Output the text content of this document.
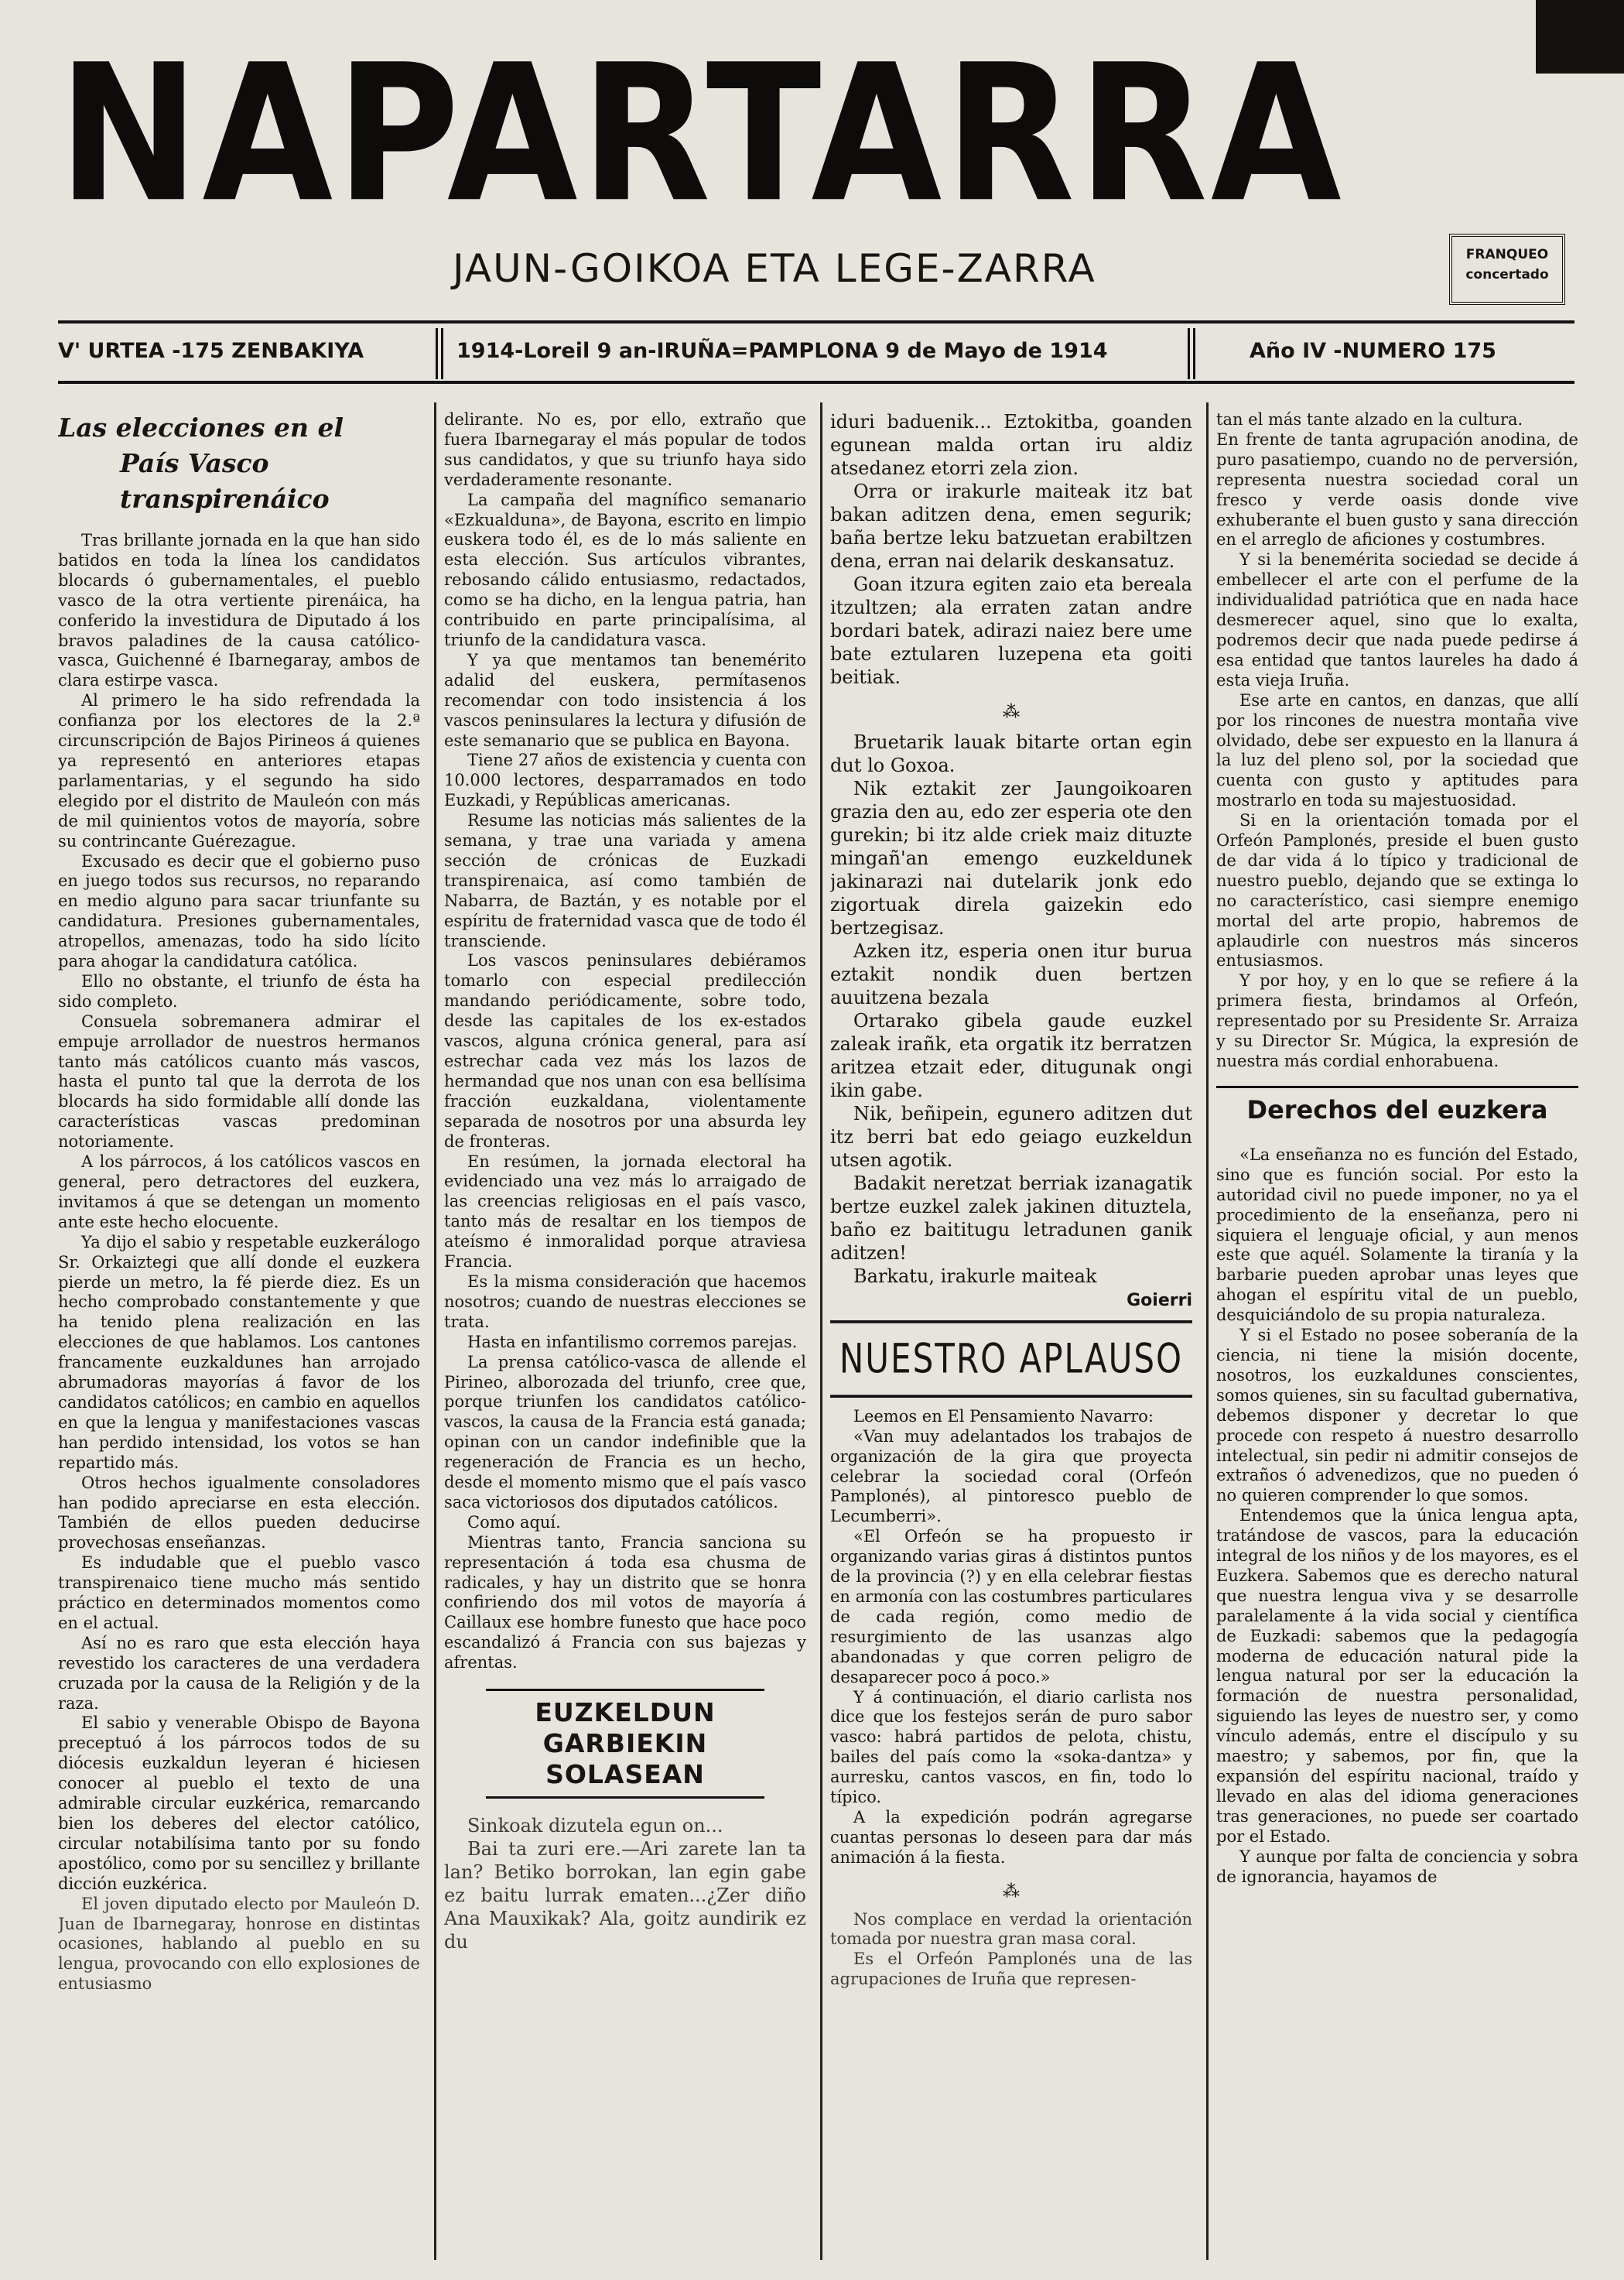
NAPARTARRA
JAUN-GOIKOA ETA LEGE-ZARRA	FRANQUEO
concertado
V' URTEA -175 ZENBAKIYA	1914-Loreil 9 an-IRUÑA=PAMPLONA 9 de Mayo de 1914	Año IV -NUMERO 175
Las elecciones en el
País Vasco transpirenáico

Tras brillante jornada en la que han sido batidos en toda la línea los candidatos blocards ó gubernamentales, el pueblo vasco de la otra vertiente pirenáica, ha conferido la investidura de Diputado á los bravos paladines de la causa católico-vasca, Guichenné é Ibarnegaray, ambos de clara estirpe vasca.

Al primero le ha sido refrendada la confianza por los electores de la 2.ª circunscripción de Bajos Pirineos á quienes ya representó en anteriores etapas parlamentarias, y el segundo ha sido elegido por el distrito de Mauleón con más de mil quinientos votos de mayoría, sobre su contrincante Guérezague.

Excusado es decir que el gobierno puso en juego todos sus recursos, no reparando en medio alguno para sacar triunfante su candidatura. Presiones gubernamentales, atropellos, amenazas, todo ha sido lícito para ahogar la candidatura católica.

Ello no obstante, el triunfo de ésta ha sido completo.

Consuela sobremanera admirar el empuje arrollador de nuestros hermanos tanto más católicos cuanto más vascos, hasta el punto tal que la derrota de los blocards ha sido formidable allí donde las características vascas predominan notoriamente.

A los párrocos, á los católicos vascos en general, pero detractores del euzkera, invitamos á que se detengan un momento ante este hecho elocuente.

Ya dijo el sabio y respetable euzkerálogo Sr. Orkaiztegi que allí donde el euzkera pierde un metro, la fé pierde diez. Es un hecho comprobado constantemente y que ha tenido plena realización en las elecciones de que hablamos. Los cantones francamente euzkaldunes han arrojado abrumadoras mayorías á favor de los candidatos católicos; en cambio en aquellos en que la lengua y manifestaciones vascas han perdido intensidad, los votos se han repartido más.

Otros hechos igualmente consoladores han podido apreciarse en esta elección. También de ellos pueden deducirse provechosas enseñanzas.

Es indudable que el pueblo vasco transpirenaico tiene mucho más sentido práctico en determinados momentos como en el actual.

Así no es raro que esta elección haya revestido los caracteres de una verdadera cruzada por la causa de la Religión y de la raza.

El sabio y venerable Obispo de Bayona preceptuó á los párrocos todos de su diócesis euzkaldun leyeran é hiciesen conocer al pueblo el texto de una admirable circular euzkérica, remarcando bien los deberes del elector católico, circular notabilísima tanto por su fondo apostólico, como por su sencillez y brillante dicción euzkérica.

El joven diputado electo por Mauleón D. Juan de Ibarnegaray, honrose en distintas ocasiones, hablando al pueblo en su lengua, provocando con ello explosiones de entusiasmo

delirante. No es, por ello, extraño que fuera Ibarnegaray el más popular de todos sus candidatos, y que su triunfo haya sido verdaderamente resonante.

La campaña del magnífico semanario «Ezkualduna», de Bayona, escrito en limpio euskera todo él, es de lo más saliente en esta elección. Sus artículos vibrantes, rebosando cálido entusiasmo, redactados, como se ha dicho, en la lengua patria, han contribuido en parte principalísima, al triunfo de la candidatura vasca.

Y ya que mentamos tan benemérito adalid del euskera, permítasenos recomendar con todo insistencia á los vascos peninsulares la lectura y difusión de este semanario que se publica en Bayona.

Tiene 27 años de existencia y cuenta con 10.000 lectores, desparramados en todo Euzkadi, y Repúblicas americanas.

Resume las noticias más salientes de la semana, y trae una variada y amena sección de crónicas de Euzkadi transpirenaica, así como también de Nabarra, de Baztán, y es notable por el espíritu de fraternidad vasca que de todo él transciende.

Los vascos peninsulares debiéramos tomarlo con especial predilección mandando periódicamente, sobre todo, desde las capitales de los ex-estados vascos, alguna crónica general, para así estrechar cada vez más los lazos de hermandad que nos unan con esa bellísima fracción euzkaldana, violentamente separada de nosotros por una absurda ley de fronteras.

En resúmen, la jornada electoral ha evidenciado una vez más lo arraigado de las creencias religiosas en el país vasco, tanto más de resaltar en los tiempos de ateísmo é inmoralidad porque atraviesa Francia.

Es la misma consideración que hacemos nosotros; cuando de nuestras elecciones se trata.

Hasta en infantilismo corremos parejas.

La prensa católico-vasca de allende el Pirineo, alborozada del triunfo, cree que, porque triunfen los candidatos católico-vascos, la causa de la Francia está ganada; opinan con un candor indefinible que la regeneración de Francia es un hecho, desde el momento mismo que el país vasco saca victoriosos dos diputados católicos.

Como aquí.

Mientras tanto, Francia sanciona su representación á toda esa chusma de radicales, y hay un distrito que se honra confiriendo dos mil votos de mayoría á Caillaux ese hombre funesto que hace poco escandalizó á Francia con sus bajezas y afrentas.

EUZKELDUN GARBIEKIN SOLASEAN

Sinkoak dizutela egun on...

Bai ta zuri ere.—Ari zarete lan ta lan? Betiko borrokan, lan egin gabe ez baitu lurrak ematen...¿Zer diño Ana Mauxikak? Ala, goitz aundirik ez du

iduri baduenik... Eztokitba, goanden egunean malda ortan iru aldiz atsedanez etorri zela zion.

Orra or irakurle maiteak itz bat bakan aditzen dena, emen segurik; baña bertze leku batzuetan erabiltzen dena, erran nai delarik deskansatuz.

Goan itzura egiten zaio eta bereala itzultzen; ala erraten zatan andre bordari batek, adirazi naiez bere ume bate eztularen luzepena eta goiti beitiak.

⁂

Bruetarik lauak bitarte ortan egin dut lo Goxoa.

Nik eztakit zer Jaungoikoaren grazia den au, edo zer esperia ote den gurekin; bi itz alde criek maiz dituzte mingañ'an emengo euzkeldunek jakinarazi nai dutelarik jonk edo zigortuak direla gaizekin edo bertzegisaz.

Azken itz, esperia onen itur burua eztakit nondik duen bertzen auuitzena bezala

Ortarako gibela gaude euzkel zaleak irañk, eta orgatik itz berratzen aritzea etzait eder, ditugunak ongi ikin gabe.

Nik, beñipein, egunero aditzen dut itz berri bat edo geiago euzkeldun utsen agotik.

Badakit neretzat berriak izanagatik bertze euzkel zalek jakinen dituztela, baño ez baititugu letradunen ganik aditzen!

Barkatu, irakurle maiteak

Goierri
NUESTRO APLAUSO

Leemos en El Pensamiento Navarro:

«Van muy adelantados los trabajos de organización de la gira que proyecta celebrar la sociedad coral (Orfeón Pamplonés), al pintoresco pueblo de Lecumberri».

«El Orfeón se ha propuesto ir organizando varias giras á distintos puntos de la provincia (?) y en ella celebrar fiestas en armonía con las costumbres particulares de cada región, como medio de resurgimiento de las usanzas algo abandonadas y que corren peligro de desaparecer poco á poco.»

Y á continuación, el diario carlista nos dice que los festejos serán de puro sabor vasco: habrá partidos de pelota, chistu, bailes del país como la «soka-dantza» y aurresku, cantos vascos, en fin, todo lo típico.

A la expedición podrán agregarse cuantas personas lo deseen para dar más animación á la fiesta.

⁂

Nos complace en verdad la orientación tomada por nuestra gran masa coral.

Es el Orfeón Pamplonés una de las agrupaciones de Iruña que represen-

tan el más tante alzado en la cultura.

En frente de tanta agrupación anodina, de puro pasatiempo, cuando no de perversión, representa nuestra sociedad coral un fresco y verde oasis donde vive exhuberante el buen gusto y sana dirección en el arreglo de aficiones y costumbres.

Y si la benemérita sociedad se decide á embellecer el arte con el perfume de la individualidad patriótica que en nada hace desmerecer aquel, sino que lo exalta, podremos decir que nada puede pedirse á esa entidad que tantos laureles ha dado á esta vieja Iruña.

Ese arte en cantos, en danzas, que allí por los rincones de nuestra montaña vive olvidado, debe ser expuesto en la llanura á la luz del pleno sol, por la sociedad que cuenta con gusto y aptitudes para mostrarlo en toda su majestuosidad.

Si en la orientación tomada por el Orfeón Pamplonés, preside el buen gusto de dar vida á lo típico y tradicional de nuestro pueblo, dejando que se extinga lo no característico, casi siempre enemigo mortal del arte propio, habremos de aplaudirle con nuestros más sinceros entusiasmos.

Y por hoy, y en lo que se refiere á la primera fiesta, brindamos al Orfeón, representado por su Presidente Sr. Arraiza y su Director Sr. Múgica, la expresión de nuestra más cordial enhorabuena.

Derechos del euzkera

«La enseñanza no es función del Estado, sino que es función social. Por esto la autoridad civil no puede imponer, no ya el procedimiento de la enseñanza, pero ni siquiera el lenguaje oficial, y aun menos este que aquél. Solamente la tiranía y la barbarie pueden aprobar unas leyes que ahogan el espíritu vital de un pueblo, desquiciándolo de su propia naturaleza.

Y si el Estado no posee soberanía de la ciencia, ni tiene la misión docente, nosotros, los euzkaldunes conscientes, somos quienes, sin su facultad gubernativa, debemos disponer y decretar lo que procede con respeto á nuestro desarrollo intelectual, sin pedir ni admitir consejos de extraños ó advenedizos, que no pueden ó no quieren comprender lo que somos.

Entendemos que la única lengua apta, tratándose de vascos, para la educación integral de los niños y de los mayores, es el Euzkera. Sabemos que es derecho natural que nuestra lengua viva y se desarrolle paralelamente á la vida social y científica de Euzkadi: sabemos que la pedagogía moderna de educación natural pide la lengua natural por ser la educación la formación de nuestra personalidad, siguiendo las leyes de nuestro ser, y como vínculo además, entre el discípulo y su maestro; y sabemos, por fin, que la expansión del espíritu nacional, traído y llevado en alas del idioma generaciones tras generaciones, no puede ser coartado por el Estado.

Y aunque por falta de conciencia y sobra de ignorancia, hayamos de
